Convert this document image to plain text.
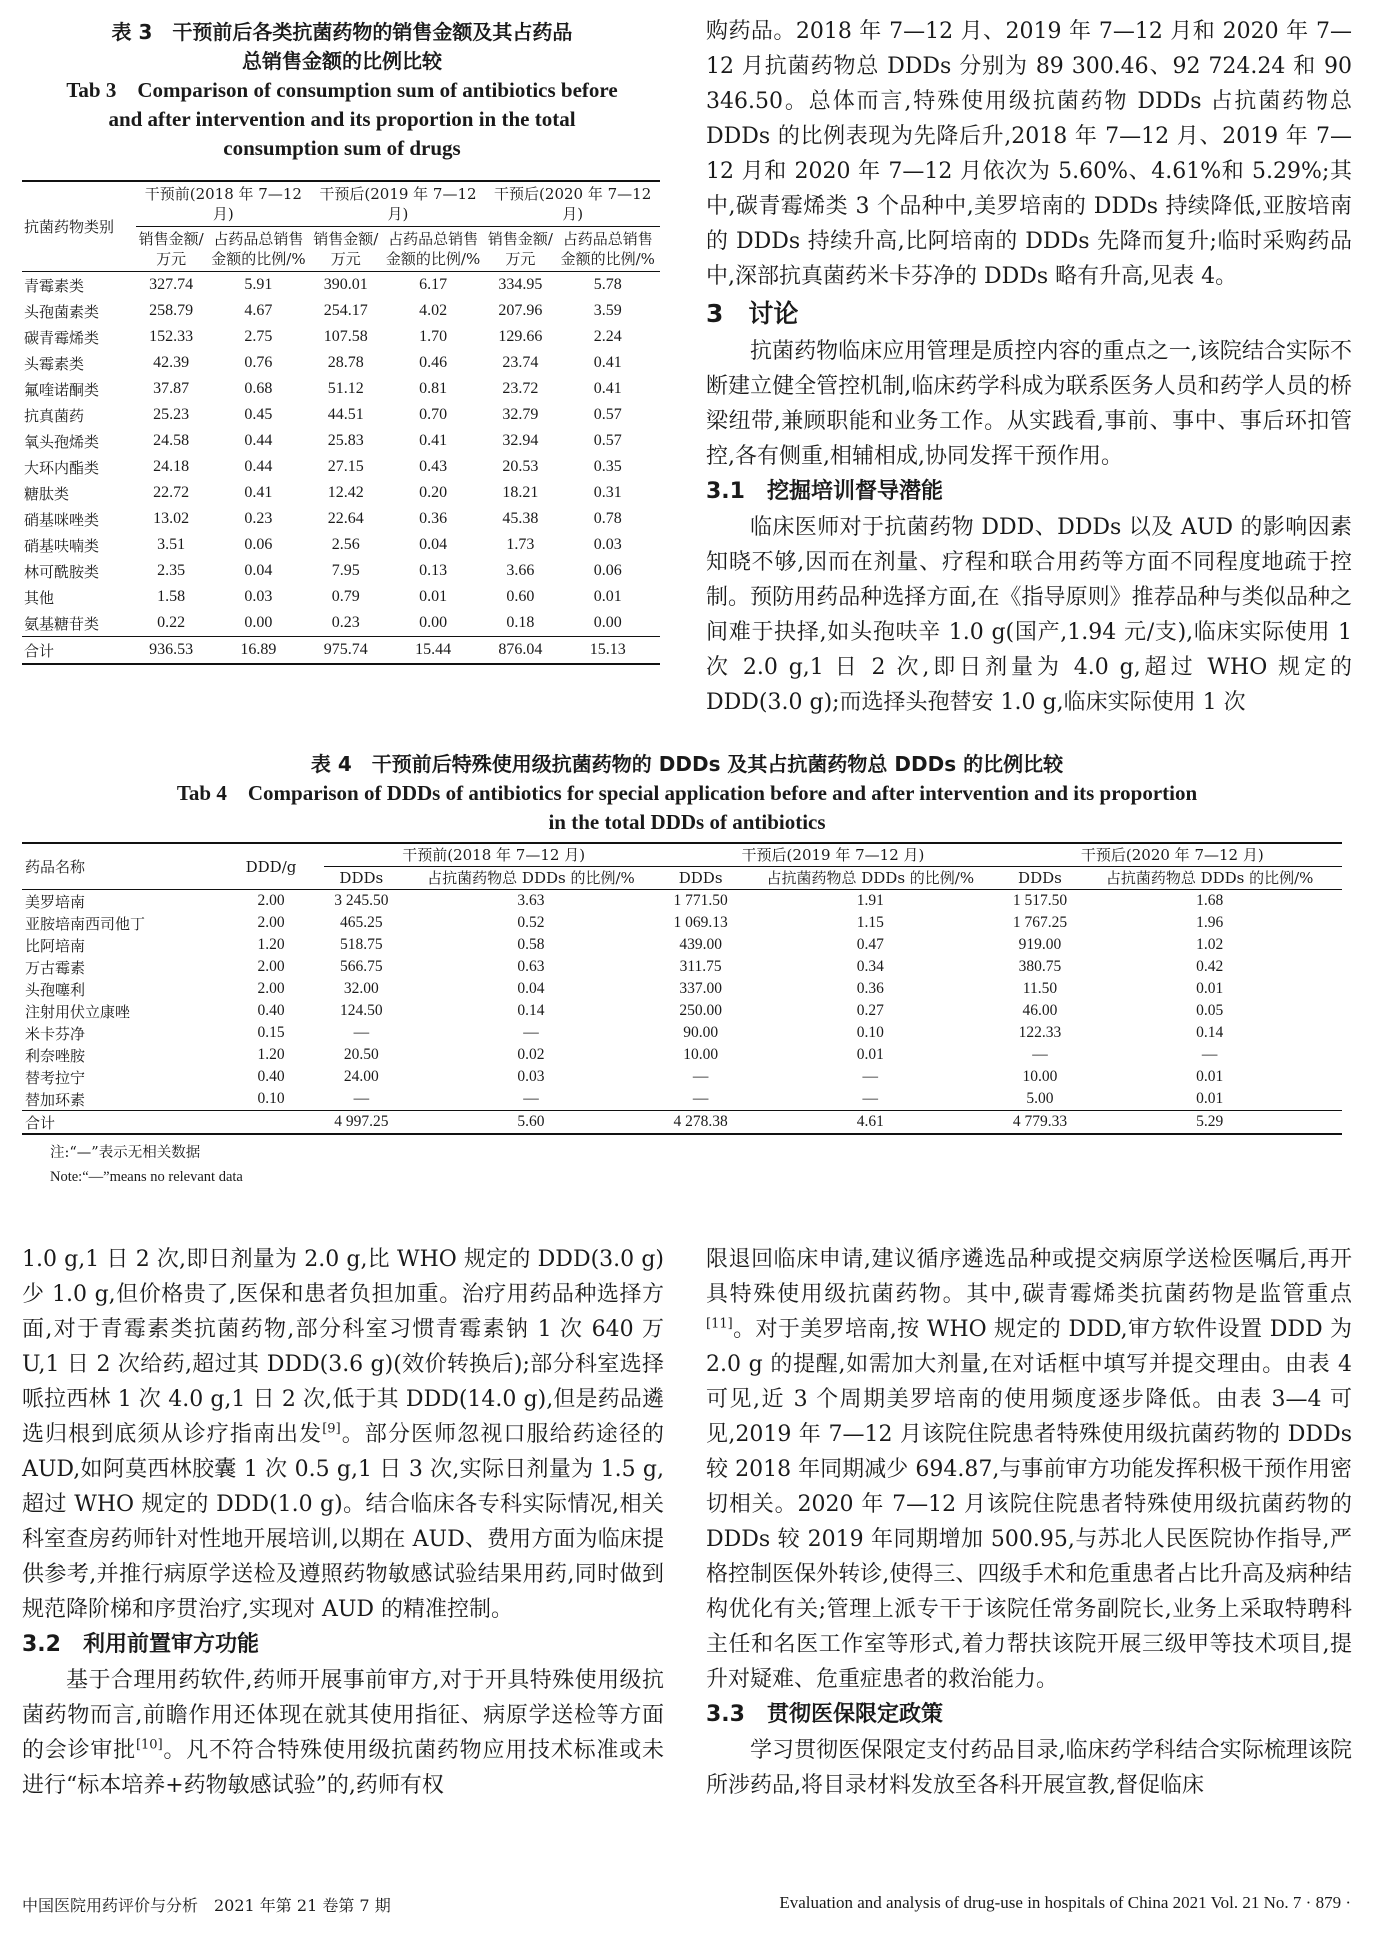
表 3　干预前后各类抗菌药物的销售金额及其占药品
总销售金额的比例比较
Tab 3　Comparison of consumption sum of antibiotics before
and after intervention and its proportion in the total
consumption sum of drugs
抗菌药物类别	干预前(2018 年 7—12 月)		干预后(2019 年 7—12 月)		干预后(2020 年 7—12 月)	
	销售金额/万元	占药品总销售金额的比例/%	销售金额/万元	占药品总销售金额的比例/%	销售金额/万元	占药品总销售金额的比例/%
青霉素类	327.74	5.91	390.01	6.17	334.95	5.78
头孢菌素类	258.79	4.67	254.17	4.02	207.96	3.59
碳青霉烯类	152.33	2.75	107.58	1.70	129.66	2.24
头霉素类	42.39	0.76	28.78	0.46	23.74	0.41
氟喹诺酮类	37.87	0.68	51.12	0.81	23.72	0.41
抗真菌药	25.23	0.45	44.51	0.70	32.79	0.57
氧头孢烯类	24.58	0.44	25.83	0.41	32.94	0.57
大环内酯类	24.18	0.44	27.15	0.43	20.53	0.35
糖肽类	22.72	0.41	12.42	0.20	18.21	0.31
硝基咪唑类	13.02	0.23	22.64	0.36	45.38	0.78
硝基呋喃类	3.51	0.06	2.56	0.04	1.73	0.03
林可酰胺类	2.35	0.04	7.95	0.13	3.66	0.06
其他	1.58	0.03	0.79	0.01	0.60	0.01
氨基糖苷类	0.22	0.00	0.23	0.00	0.18	0.00
合计	936.53	16.89	975.74	15.44	876.04	15.13

购药品。2018 年 7—12 月、2019 年 7—12 月和 2020 年 7—12 月抗菌药物总 DDDs 分别为 89 300.46、92 724.24 和 90 346.50。总体而言,特殊使用级抗菌药物 DDDs 占抗菌药物总 DDDs 的比例表现为先降后升,2018 年 7—12 月、2019 年 7—12 月和 2020 年 7—12 月依次为 5.60%、4.61%和 5.29%;其中,碳青霉烯类 3 个品种中,美罗培南的 DDDs 持续降低,亚胺培南的 DDDs 持续升高,比阿培南的 DDDs 先降而复升;临时采购药品中,深部抗真菌药米卡芬净的 DDDs 略有升高,见表 4。

3　讨论

抗菌药物临床应用管理是质控内容的重点之一,该院结合实际不断建立健全管控机制,临床药学科成为联系医务人员和药学人员的桥梁纽带,兼顾职能和业务工作。从实践看,事前、事中、事后环扣管控,各有侧重,相辅相成,协同发挥干预作用。

3.1　挖掘培训督导潜能

临床医师对于抗菌药物 DDD、DDDs 以及 AUD 的影响因素知晓不够,因而在剂量、疗程和联合用药等方面不同程度地疏于控制。预防用药品种选择方面,在《指导原则》推荐品种与类似品种之间难于抉择,如头孢呋辛 1.0 g(国产,1.94 元/支),临床实际使用 1 次 2.0 g,1 日 2 次,即日剂量为 4.0 g,超过 WHO 规定的 DDD(3.0 g);而选择头孢替安 1.0 g,临床实际使用 1 次

表 4　干预前后特殊使用级抗菌药物的 DDDs 及其占抗菌药物总 DDDs 的比例比较
Tab 4　Comparison of DDDs of antibiotics for special application before and after intervention and its proportion
in the total DDDs of antibiotics
药品名称	DDD/g	干预前(2018 年 7—12 月)		干预后(2019 年 7—12 月)		干预后(2020 年 7—12 月)	
		DDDs	占抗菌药物总 DDDs 的比例/%	DDDs	占抗菌药物总 DDDs 的比例/%	DDDs	占抗菌药物总 DDDs 的比例/%
美罗培南	2.00	3 245.50	3.63	1 771.50	1.91	1 517.50	1.68
亚胺培南西司他丁	2.00	465.25	0.52	1 069.13	1.15	1 767.25	1.96
比阿培南	1.20	518.75	0.58	439.00	0.47	919.00	1.02
万古霉素	2.00	566.75	0.63	311.75	0.34	380.75	0.42
头孢噻利	2.00	32.00	0.04	337.00	0.36	11.50	0.01
注射用伏立康唑	0.40	124.50	0.14	250.00	0.27	46.00	0.05
米卡芬净	0.15	—	—	90.00	0.10	122.33	0.14
利奈唑胺	1.20	20.50	0.02	10.00	0.01	—	—
替考拉宁	0.40	24.00	0.03	—	—	10.00	0.01
替加环素	0.10	—	—	—	—	5.00	0.01
合计		4 997.25	5.60	4 278.38	4.61	4 779.33	5.29
注:“—”表示无相关数据
Note:“—”means no relevant data

1.0 g,1 日 2 次,即日剂量为 2.0 g,比 WHO 规定的 DDD(3.0 g)少 1.0 g,但价格贵了,医保和患者负担加重。治疗用药品种选择方面,对于青霉素类抗菌药物,部分科室习惯青霉素钠 1 次 640 万 U,1 日 2 次给药,超过其 DDD(3.6 g)(效价转换后);部分科室选择哌拉西林 1 次 4.0 g,1 日 2 次,低于其 DDD(14.0 g),但是药品遴选归根到底须从诊疗指南出发[9]。部分医师忽视口服给药途径的 AUD,如阿莫西林胶囊 1 次 0.5 g,1 日 3 次,实际日剂量为 1.5 g,超过 WHO 规定的 DDD(1.0 g)。结合临床各专科实际情况,相关科室查房药师针对性地开展培训,以期在 AUD、费用方面为临床提供参考,并推行病原学送检及遵照药物敏感试验结果用药,同时做到规范降阶梯和序贯治疗,实现对 AUD 的精准控制。

3.2　利用前置审方功能

基于合理用药软件,药师开展事前审方,对于开具特殊使用级抗菌药物而言,前瞻作用还体现在就其使用指征、病原学送检等方面的会诊审批[10]。凡不符合特殊使用级抗菌药物应用技术标准或未进行“标本培养+药物敏感试验”的,药师有权

限退回临床申请,建议循序遴选品种或提交病原学送检医嘱后,再开具特殊使用级抗菌药物。其中,碳青霉烯类抗菌药物是监管重点[11]。对于美罗培南,按 WHO 规定的 DDD,审方软件设置 DDD 为 2.0 g 的提醒,如需加大剂量,在对话框中填写并提交理由。由表 4 可见,近 3 个周期美罗培南的使用频度逐步降低。由表 3—4 可见,2019 年 7—12 月该院住院患者特殊使用级抗菌药物的 DDDs 较 2018 年同期减少 694.87,与事前审方功能发挥积极干预作用密切相关。2020 年 7—12 月该院住院患者特殊使用级抗菌药物的 DDDs 较 2019 年同期增加 500.95,与苏北人民医院协作指导,严格控制医保外转诊,使得三、四级手术和危重患者占比升高及病种结构优化有关;管理上派专干于该院任常务副院长,业务上采取特聘科主任和名医工作室等形式,着力帮扶该院开展三级甲等技术项目,提升对疑难、危重症患者的救治能力。

3.3　贯彻医保限定政策

学习贯彻医保限定支付药品目录,临床药学科结合实际梳理该院所涉药品,将目录材料发放至各科开展宣教,督促临床

中国医院用药评价与分析　2021 年第 21 卷第 7 期	Evaluation and analysis of drug-use in hospitals of China 2021 Vol. 21 No. 7 · 879 ·
